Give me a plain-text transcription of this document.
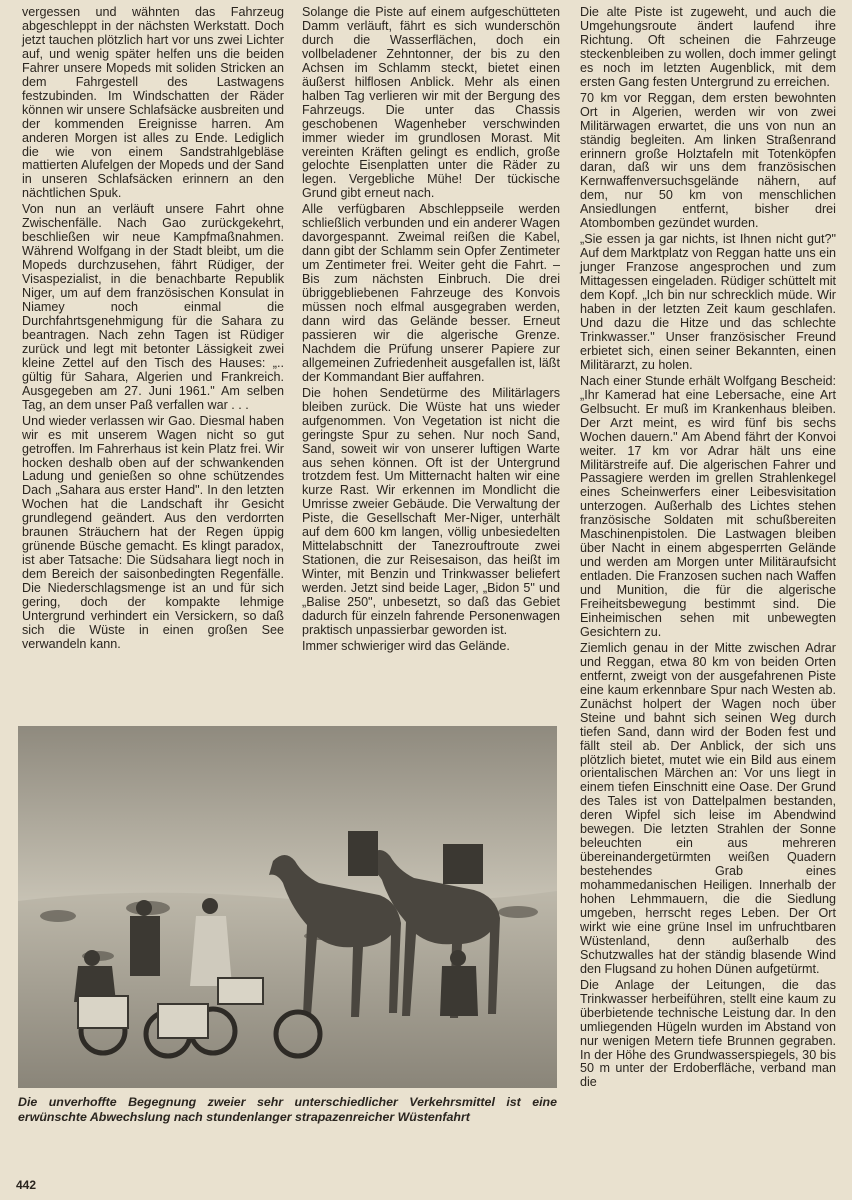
vergessen und wähnten das Fahrzeug abgeschleppt in der nächsten Werkstatt. Doch jetzt tauchen plötzlich hart vor uns zwei Lichter auf, und wenig später helfen uns die beiden Fahrer unsere Mopeds mit soliden Stricken an dem Fahrgestell des Lastwagens festzubinden. Im Windschatten der Räder können wir unsere Schlafsäcke ausbreiten und der kommenden Ereignisse harren. Am anderen Morgen ist alles zu Ende. Lediglich die wie von einem Sandstrahlgebläse mattierten Alufelgen der Mopeds und der Sand in unseren Schlafsäcken erinnern an den nächtlichen Spuk.

Von nun an verläuft unsere Fahrt ohne Zwischenfälle. Nach Gao zurückgekehrt, beschließen wir neue Kampfmaßnahmen. Während Wolfgang in der Stadt bleibt, um die Mopeds durchzusehen, fährt Rüdiger, der Visaspezialist, in die benachbarte Republik Niger, um auf dem französischen Konsulat in Niamey noch einmal die Durchfahrtsgenehmigung für die Sahara zu beantragen. Nach zehn Tagen ist Rüdiger zurück und legt mit betonter Lässigkeit zwei kleine Zettel auf den Tisch des Hauses: „.. gültig für Sahara, Algerien und Frankreich. Ausgegeben am 27. Juni 1961." Am selben Tag, an dem unser Paß verfallen war . . .

Und wieder verlassen wir Gao. Diesmal haben wir es mit unserem Wagen nicht so gut getroffen. Im Fahrerhaus ist kein Platz frei. Wir hocken deshalb oben auf der schwankenden Ladung und genießen so ohne schützendes Dach „Sahara aus erster Hand". In den letzten Wochen hat die Landschaft ihr Gesicht grundlegend geändert. Aus den verdorrten braunen Sträuchern hat der Regen üppig grünende Büsche gemacht. Es klingt paradox, ist aber Tatsache: Die Südsahara liegt noch in dem Bereich der saisonbedingten Regenfälle. Die Niederschlagsmenge ist an und für sich gering, doch der kompakte lehmige Untergrund verhindert ein Versickern, so daß sich die Wüste in einen großen See verwandeln kann.

Solange die Piste auf einem aufgeschütteten Damm verläuft, fährt es sich wunderschön durch die Wasserflächen, doch ein vollbeladener Zehntonner, der bis zu den Achsen im Schlamm steckt, bietet einen äußerst hilflosen Anblick. Mehr als einen halben Tag verlieren wir mit der Bergung des Fahrzeugs. Die unter das Chassis geschobenen Wagenheber verschwinden immer wieder im grundlosen Morast. Mit vereinten Kräften gelingt es endlich, große gelochte Eisenplatten unter die Räder zu legen. Vergebliche Mühe! Der tückische Grund gibt erneut nach.

Alle verfügbaren Abschleppseile werden schließlich verbunden und ein anderer Wagen davorgespannt. Zweimal reißen die Kabel, dann gibt der Schlamm sein Opfer Zentimeter um Zentimeter frei. Weiter geht die Fahrt. – Bis zum nächsten Einbruch. Die drei übriggebliebenen Fahrzeuge des Konvois müssen noch elfmal ausgegraben werden, dann wird das Gelände besser. Erneut passieren wir die algerische Grenze. Nachdem die Prüfung unserer Papiere zur allgemeinen Zufriedenheit ausgefallen ist, läßt der Kommandant Bier auffahren.

Die hohen Sendetürme des Militärlagers bleiben zurück. Die Wüste hat uns wieder aufgenommen. Von Vegetation ist nicht die geringste Spur zu sehen. Nur noch Sand, Sand, soweit wir von unserer luftigen Warte aus sehen können. Oft ist der Untergrund trotzdem fest. Um Mitternacht halten wir eine kurze Rast. Wir erkennen im Mondlicht die Umrisse zweier Gebäude. Die Verwaltung der Piste, die Gesellschaft Mer-Niger, unterhält auf dem 600 km langen, völlig unbesiedelten Mittelabschnitt der Tanezrouftroute zwei Stationen, die zur Reisesaison, das heißt im Winter, mit Benzin und Trinkwasser beliefert werden. Jetzt sind beide Lager, „Bidon 5" und „Balise 250", unbesetzt, so daß das Gebiet dadurch für einzeln fahrende Personenwagen praktisch unpassierbar geworden ist.

Immer schwieriger wird das Gelände.

Die alte Piste ist zugeweht, und auch die Umgehungsroute ändert laufend ihre Richtung. Oft scheinen die Fahrzeuge steckenbleiben zu wollen, doch immer gelingt es noch im letzten Augenblick, mit dem ersten Gang festen Untergrund zu erreichen.

70 km vor Reggan, dem ersten bewohnten Ort in Algerien, werden wir von zwei Militärwagen erwartet, die uns von nun an ständig begleiten. Am linken Straßenrand erinnern große Holztafeln mit Totenköpfen daran, daß wir uns dem französischen Kernwaffenversuchsgelände nähern, auf dem, nur 50 km von menschlichen Ansiedlungen entfernt, bisher drei Atombomben gezündet wurden.

„Sie essen ja gar nichts, ist Ihnen nicht gut?" Auf dem Marktplatz von Reggan hatte uns ein junger Franzose angesprochen und zum Mittagessen eingeladen. Rüdiger schüttelt mit dem Kopf. „Ich bin nur schrecklich müde. Wir haben in der letzten Zeit kaum geschlafen. Und dazu die Hitze und das schlechte Trinkwasser." Unser französischer Freund erbietet sich, einen seiner Bekannten, einen Militärarzt, zu holen.

Nach einer Stunde erhält Wolfgang Bescheid: „Ihr Kamerad hat eine Lebersache, eine Art Gelbsucht. Er muß im Krankenhaus bleiben. Der Arzt meint, es wird fünf bis sechs Wochen dauern." Am Abend fährt der Konvoi weiter. 17 km vor Adrar hält uns eine Militärstreife auf. Die algerischen Fahrer und Passagiere werden im grellen Strahlenkegel eines Scheinwerfers einer Leibesvisitation unterzogen. Außerhalb des Lichtes stehen französische Soldaten mit schußbereiten Maschinenpistolen. Die Lastwagen bleiben über Nacht in einem abgesperrten Gelände und werden am Morgen unter Militäraufsicht entladen. Die Franzosen suchen nach Waffen und Munition, die für die algerische Freiheitsbewegung bestimmt sind. Die Einheimischen sehen mit unbewegten Gesichtern zu.

Ziemlich genau in der Mitte zwischen Adrar und Reggan, etwa 80 km von beiden Orten entfernt, zweigt von der ausgefahrenen Piste eine kaum erkennbare Spur nach Westen ab. Zunächst holpert der Wagen noch über Steine und bahnt sich seinen Weg durch tiefen Sand, dann wird der Boden fest und fällt steil ab. Der Anblick, der sich uns plötzlich bietet, mutet wie ein Bild aus einem orientalischen Märchen an: Vor uns liegt in einem tiefen Einschnitt eine Oase. Der Grund des Tales ist von Dattelpalmen bestanden, deren Wipfel sich leise im Abendwind bewegen. Die letzten Strahlen der Sonne beleuchten ein aus mehreren übereinandergetürmten weißen Quadern bestehendes Grab eines mohammedanischen Heiligen. Innerhalb der hohen Lehmmauern, die die Siedlung umgeben, herrscht reges Leben. Der Ort wirkt wie eine grüne Insel im unfruchtbaren Wüstenland, denn außerhalb des Schutzwalles hat der ständig blasende Wind den Flugsand zu hohen Dünen aufgetürmt.

Die Anlage der Leitungen, die das Trinkwasser herbeiführen, stellt eine kaum zu überbietende technische Leistung dar. In den umliegenden Hügeln wurden im Abstand von nur wenigen Metern tiefe Brunnen gegraben. In der Höhe des Grundwasserspiegels, 30 bis 50 m unter der Erdoberfläche, verband man die

Die unverhoffte Begegnung zweier sehr unterschiedlicher Verkehrsmittel ist eine erwünschte Abwechslung nach stundenlanger strapazenreicher Wüstenfahrt
442
